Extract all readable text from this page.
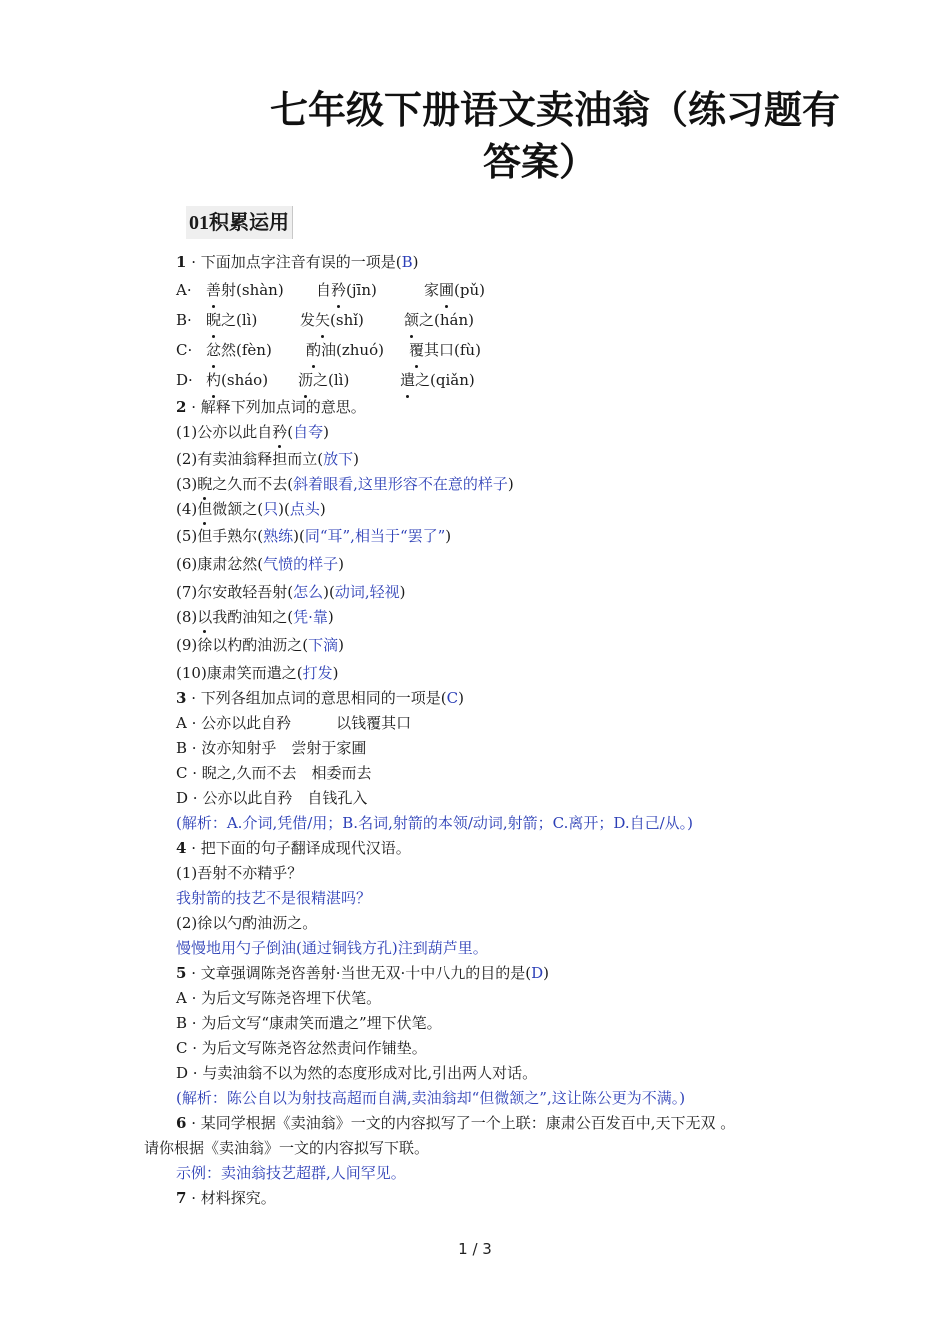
七年级下册语文卖油翁（练习题有
答案）
01积累运用
1 · 下面加点字注音有误的一项是(B)
A· 善射(shàn) 自矜(jīn)	家圃(pǔ)
B· 睨之(lì)	发矢(shǐ)	颔之(hán)
C· 忿然(fèn) 酌油(zhuó) 覆其口(fù)
D· 杓(sháo) 沥之(lì)	遣之(qiǎn)
2 · 解释下列加点词的意思。
(1)公亦以此自矜(自夸)
(2)有卖油翁释担而立(放下)
(3)睨之久而不去(斜着眼看,这里形容不在意的样子)
(4)但微颔之(只)(点头)
(5)但手熟尔(熟练)(同“耳”,相当于“罢了”)
(6)康肃忿然(气愤的样子)
(7)尔安敢轻吾射(怎么)(动词,轻视)
(8)以我酌油知之(凭·靠)
(9)徐以杓酌油沥之(下滴)
(10)康肃笑而遣之(打发)
3 · 下列各组加点词的意思相同的一项是(C)
A · 公亦以此自矜　　　以钱覆其口
B · 汝亦知射乎　尝射于家圃
C · 睨之,久而不去　相委而去
D · 公亦以此自矜　自钱孔入
(解析：A.介词,凭借/用；B.名词,射箭的本领/动词,射箭；C.离开；D.自己/从。)
4 · 把下面的句子翻译成现代汉语。
(1)吾射不亦精乎？
我射箭的技艺不是很精湛吗？
(2)徐以勺酌油沥之。
慢慢地用勺子倒油(通过铜钱方孔)注到葫芦里。
5 · 文章强调陈尧咨善射·当世无双·十中八九的目的是(D)
A · 为后文写陈尧咨埋下伏笔。
B · 为后文写“康肃笑而遣之”埋下伏笔。
C · 为后文写陈尧咨忿然责问作铺垫。
D · 与卖油翁不以为然的态度形成对比,引出两人对话。
(解析：陈公自以为射技高超而自满,卖油翁却“但微颔之”,这让陈公更为不满。)
6 · 某同学根据《卖油翁》一文的内容拟写了一个上联：康肃公百发百中,天下无双 。
请你根据《卖油翁》一文的内容拟写下联。
示例：卖油翁技艺超群,人间罕见。
7 · 材料探究。
1 / 3
